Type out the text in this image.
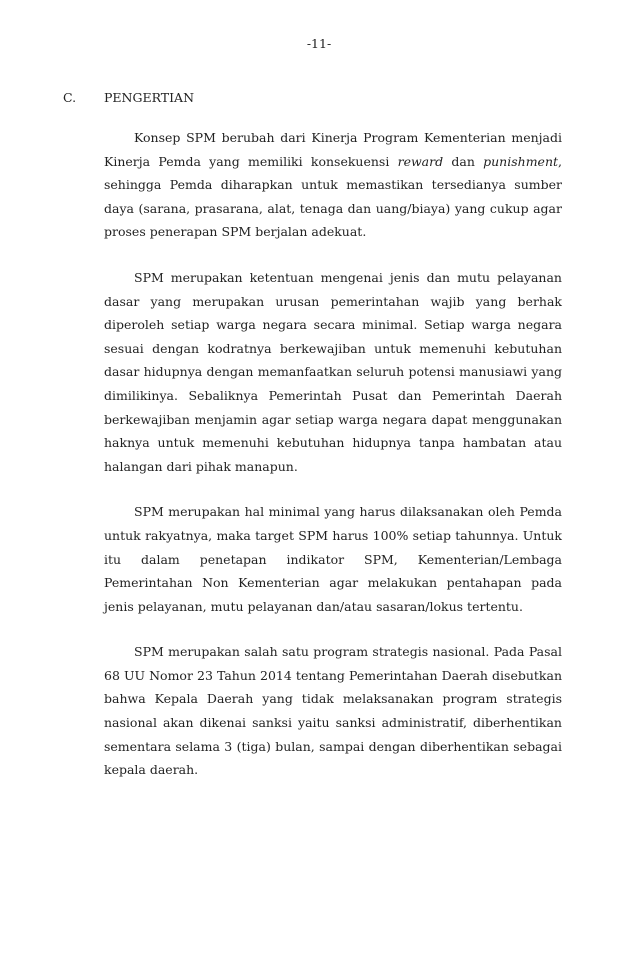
-11-
C. PENGERTIAN

Konsep SPM berubah dari Kinerja Program Kementerian menjadi Kinerja Pemda yang memiliki konsekuensi reward dan punishment, sehingga Pemda diharapkan untuk memastikan tersedianya sumber daya (sarana, prasarana, alat, tenaga dan uang/biaya) yang cukup agar proses penerapan SPM berjalan adekuat.

SPM merupakan ketentuan mengenai jenis dan mutu pelayanan dasar yang merupakan urusan pemerintahan wajib yang berhak diperoleh setiap warga negara secara minimal. Setiap warga negara sesuai dengan kodratnya berkewajiban untuk memenuhi kebutuhan dasar hidupnya dengan memanfaatkan seluruh potensi manusiawi yang dimilikinya. Sebaliknya Pemerintah Pusat dan Pemerintah Daerah berkewajiban menjamin agar setiap warga negara dapat menggunakan haknya untuk memenuhi kebutuhan hidupnya tanpa hambatan atau halangan dari pihak manapun.

SPM merupakan hal minimal yang harus dilaksanakan oleh Pemda untuk rakyatnya, maka target SPM harus 100% setiap tahunnya. Untuk itu dalam penetapan indikator SPM, Kementerian/Lembaga Pemerintahan Non Kementerian agar melakukan pentahapan pada jenis pelayanan, mutu pelayanan dan/atau sasaran/lokus tertentu.

SPM merupakan salah satu program strategis nasional. Pada Pasal 68 UU Nomor 23 Tahun 2014 tentang Pemerintahan Daerah disebutkan bahwa Kepala Daerah yang tidak melaksanakan program strategis nasional akan dikenai sanksi yaitu sanksi administratif, diberhentikan sementara selama 3 (tiga) bulan, sampai dengan diberhentikan sebagai kepala daerah.
